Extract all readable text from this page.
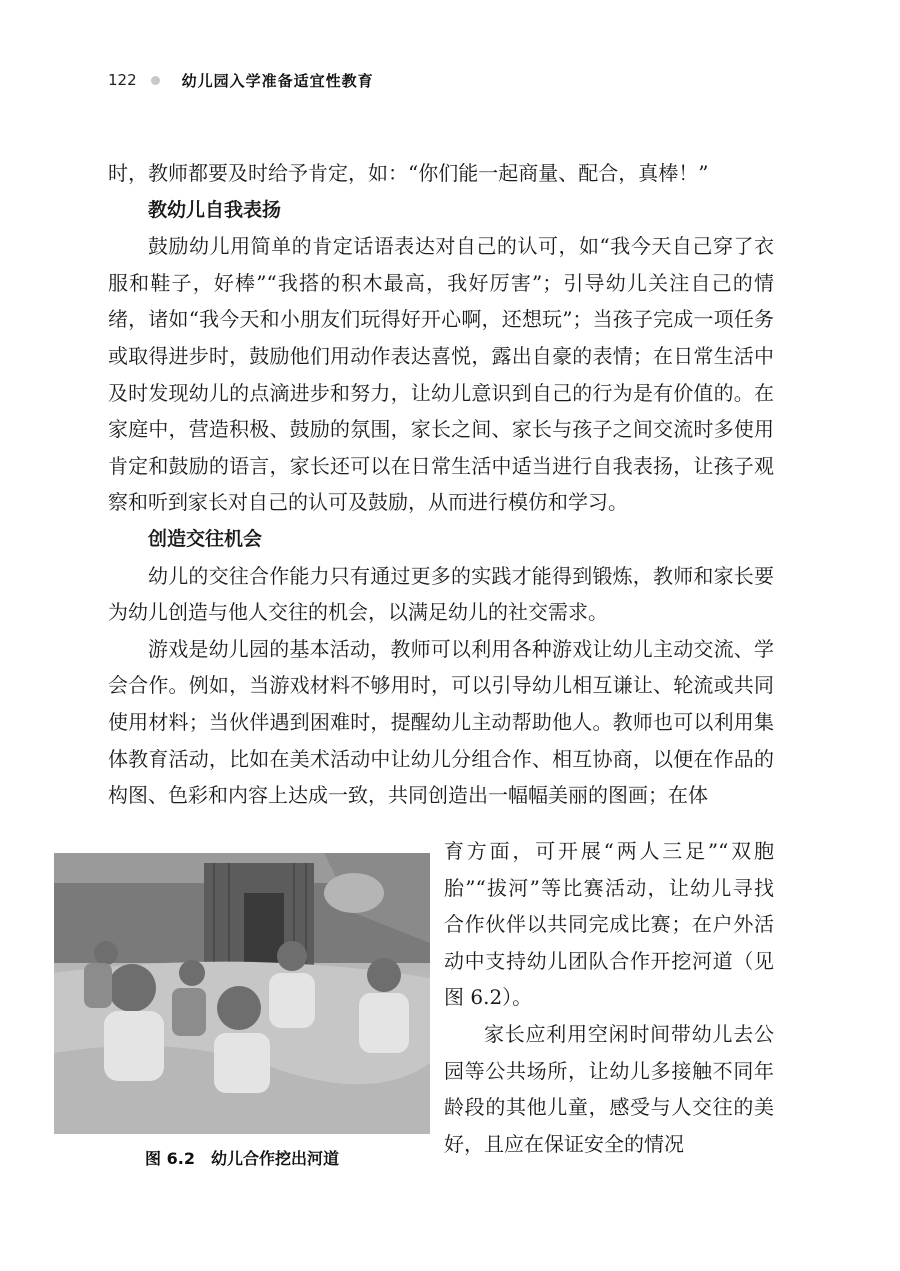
122	幼儿园入学准备适宜性教育

时，教师都要及时给予肯定，如：“你们能一起商量、配合，真棒！”

教幼儿自我表扬

鼓励幼儿用简单的肯定话语表达对自己的认可，如“我今天自己穿了衣服和鞋子，好棒”“我搭的积木最高，我好厉害”；引导幼儿关注自己的情绪，诸如“我今天和小朋友们玩得好开心啊，还想玩”；当孩子完成一项任务或取得进步时，鼓励他们用动作表达喜悦，露出自豪的表情；在日常生活中及时发现幼儿的点滴进步和努力，让幼儿意识到自己的行为是有价值的。在家庭中，营造积极、鼓励的氛围，家长之间、家长与孩子之间交流时多使用肯定和鼓励的语言，家长还可以在日常生活中适当进行自我表扬，让孩子观察和听到家长对自己的认可及鼓励，从而进行模仿和学习。

创造交往机会

幼儿的交往合作能力只有通过更多的实践才能得到锻炼，教师和家长要为幼儿创造与他人交往的机会，以满足幼儿的社交需求。

游戏是幼儿园的基本活动，教师可以利用各种游戏让幼儿主动交流、学会合作。例如，当游戏材料不够用时，可以引导幼儿相互谦让、轮流或共同使用材料；当伙伴遇到困难时，提醒幼儿主动帮助他人。教师也可以利用集体教育活动，比如在美术活动中让幼儿分组合作、相互协商，以便在作品的构图、色彩和内容上达成一致，共同创造出一幅幅美丽的图画；在体

图 6.2　幼儿合作挖出河道

育方面，可开展“两人三足”“双胞胎”“拔河”等比赛活动，让幼儿寻找合作伙伴以共同完成比赛；在户外活动中支持幼儿团队合作开挖河道（见图 6.2）。

家长应利用空闲时间带幼儿去公园等公共场所，让幼儿多接触不同年龄段的其他儿童，感受与人交往的美好，且应在保证安全的情况
